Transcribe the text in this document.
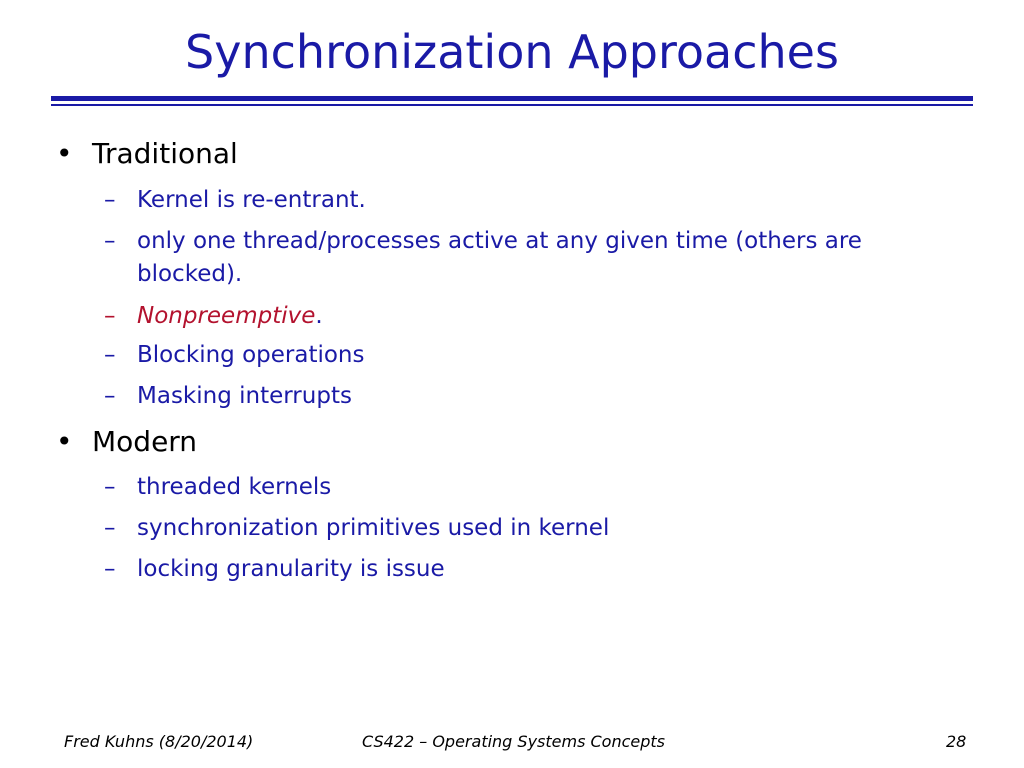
Synchronization Approaches
• Traditional
– Kernel is re-entrant.
– only one thread/processes active at any given time (others are blocked).
– Nonpreemptive.
– Blocking operations
– Masking interrupts
• Modern
– threaded kernels
– synchronization primitives used in kernel
– locking granularity is issue
Fred Kuhns (8/20/2014)	CS422 – Operating Systems Concepts	28
